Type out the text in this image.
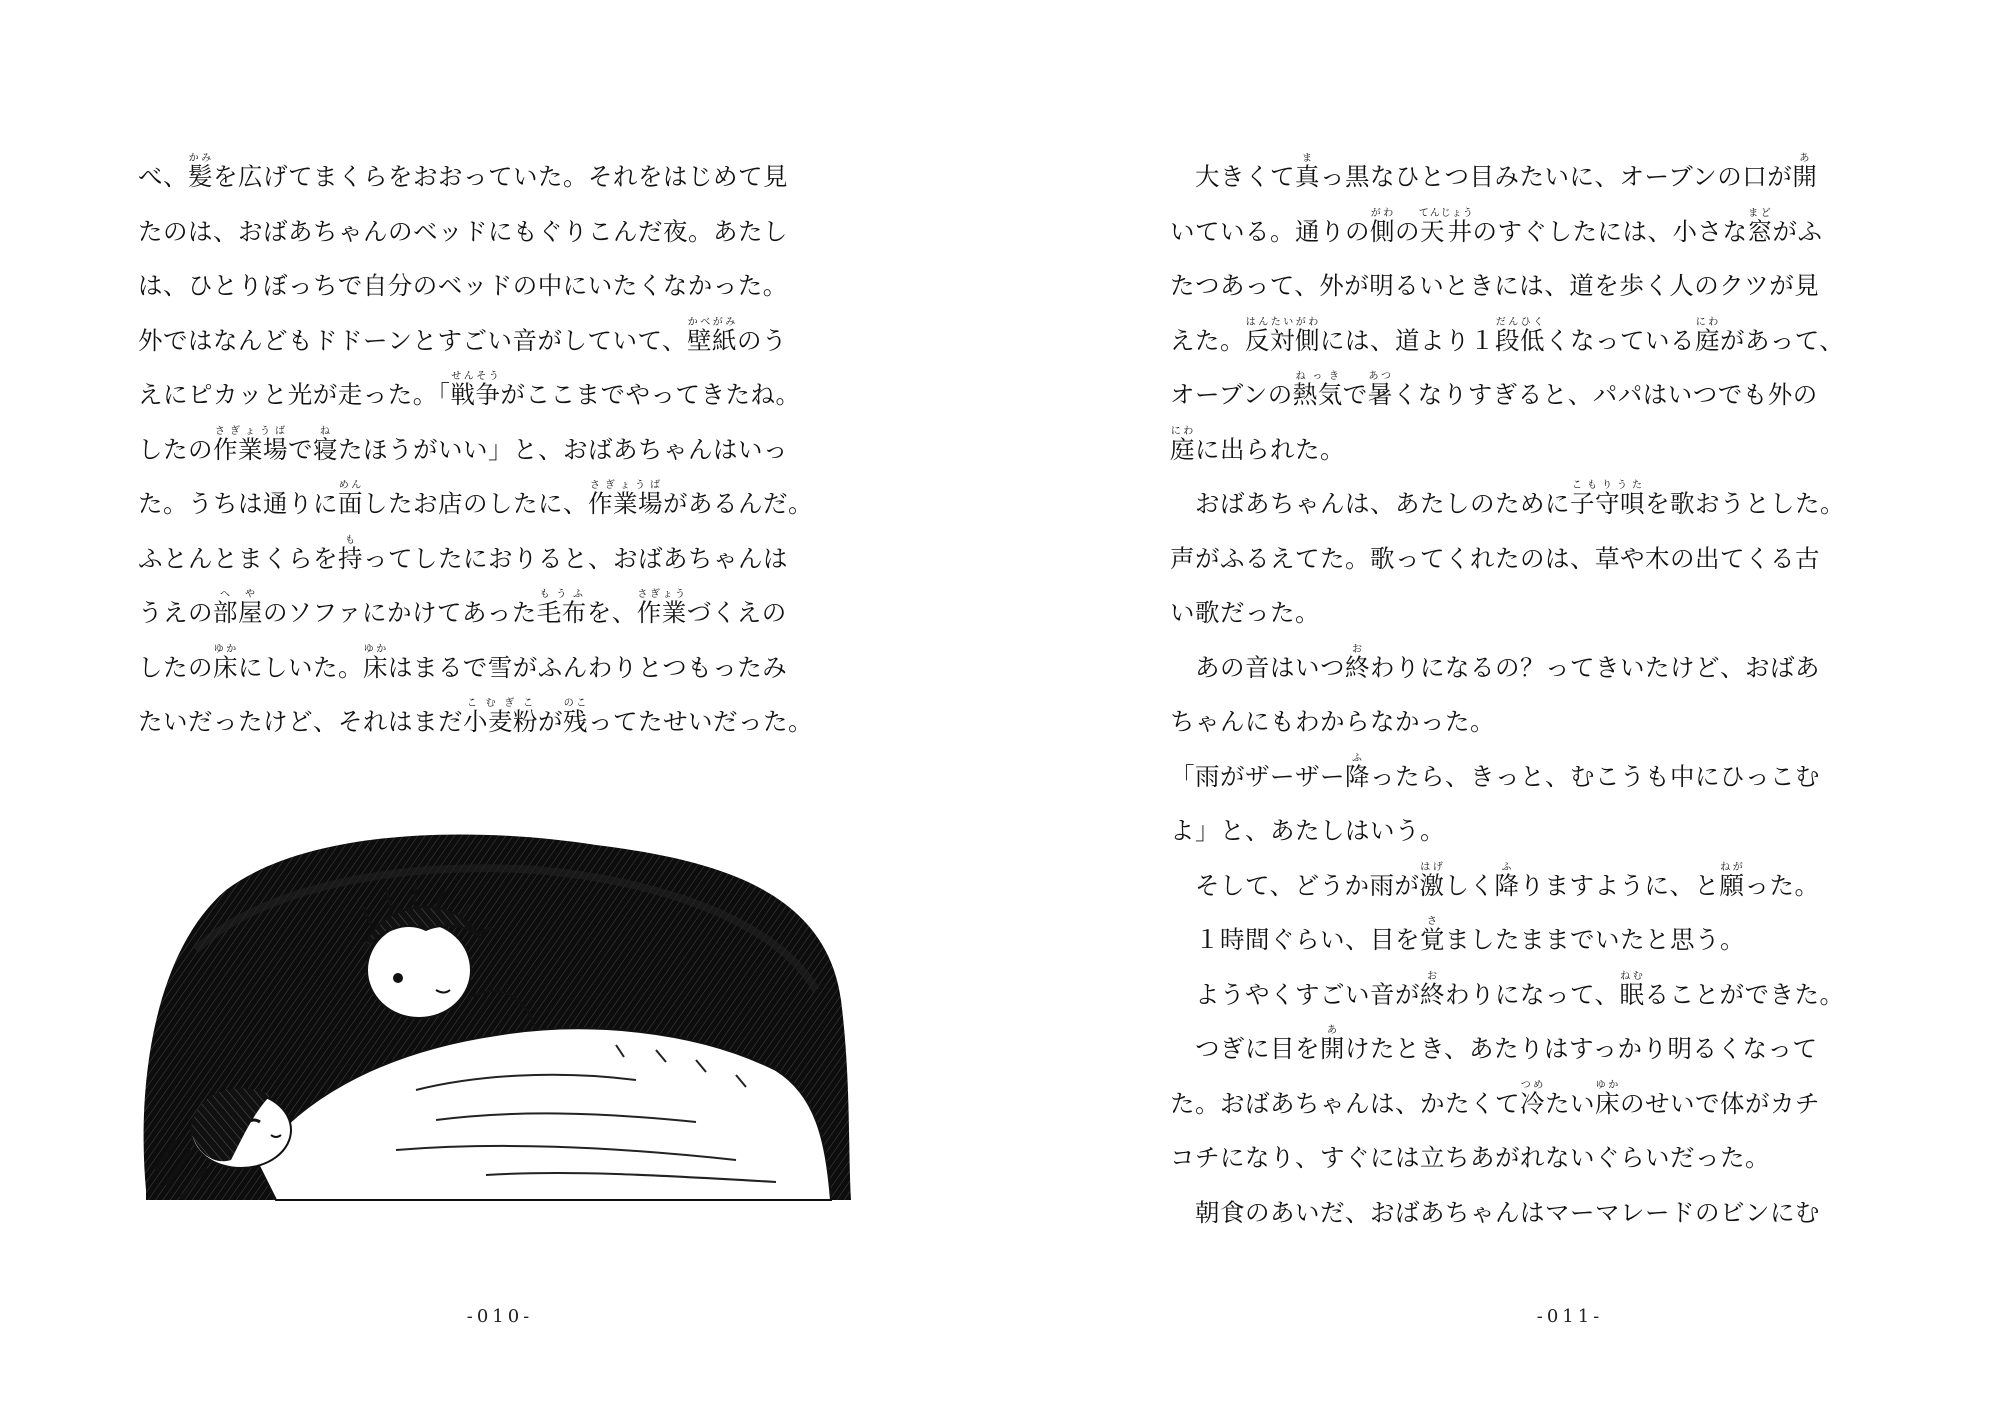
べ、髪かみを広げてまくらをおおっていた。それをはじめて見
たのは、おばあちゃんのベッドにもぐりこんだ夜。あたし
は、ひとりぼっちで自分のベッドの中にいたくなかった。
外ではなんどもドドーンとすごい音がしていて、壁紙かべがみのう
えにピカッと光が走った。「戦争せんそうがここまでやってきたね。
したの作業場さぎょうばで寝ねたほうがいい」と、おばあちゃんはいっ
た。うちは通りに面めんしたお店のしたに、作業場さぎょうばがあるんだ。
ふとんとまくらを持もってしたにおりると、おばあちゃんは
うえの部屋へやのソファにかけてあった毛布もうふを、作業さぎょうづくえの
したの床ゆかにしいた。床ゆかはまるで雪がふんわりとつもったみ
たいだったけど、それはまだ小麦粉こむぎこが残のこってたせいだった。
-010-
　大きくて真まっ黒なひとつ目みたいに、オーブンの口が開あ
いている。通りの側がわの天井てんじょうのすぐしたには、小さな窓まどがふ
たつあって、外が明るいときには、道を歩く人のクツが見
えた。反対側はんたいがわには、道より１段低だんひくくなっている庭にわがあって、
オーブンの熱気ねっきで暑あつくなりすぎると、パパはいつでも外の
庭にわに出られた。
　おばあちゃんは、あたしのために子守唄こもりうたを歌おうとした。
声がふるえてた。歌ってくれたのは、草や木の出てくる古
い歌だった。
　あの音はいつ終おわりになるの？ってきいたけど、おばあ
ちゃんにもわからなかった。
「雨がザーザー降ふったら、きっと、むこうも中にひっこむ
よ」と、あたしはいう。
　そして、どうか雨が激はげしく降ふりますように、と願ねがった。
　１時間ぐらい、目を覚さましたままでいたと思う。
　ようやくすごい音が終おわりになって、眠ねむることができた。
　つぎに目を開あけたとき、あたりはすっかり明るくなって
た。おばあちゃんは、かたくて冷つめたい床ゆかのせいで体がカチ
コチになり、すぐには立ちあがれないぐらいだった。
　朝食のあいだ、おばあちゃんはマーマレードのビンにむ
-011-
